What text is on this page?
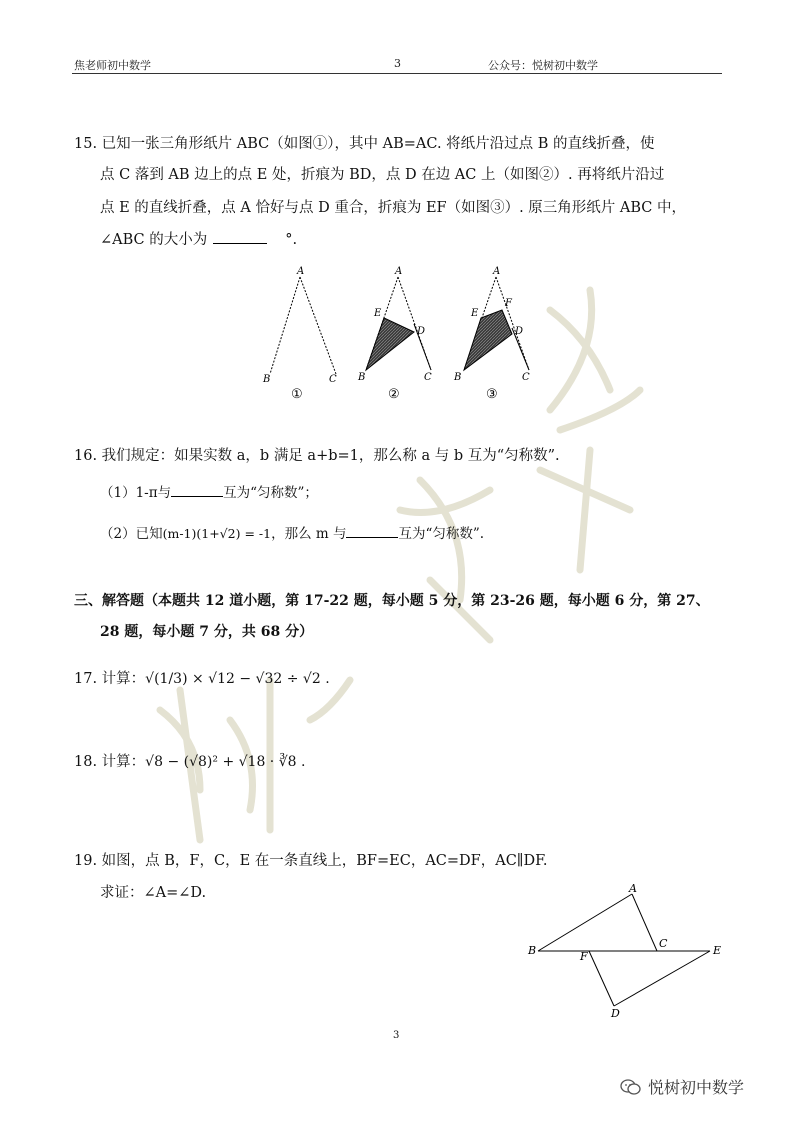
焦老师初中数学	3	公众号：悦树初中数学
15. 已知一张三角形纸片 ABC（如图①），其中 AB=AC. 将纸片沿过点 B 的直线折叠，使
点 C 落到 AB 边上的点 E 处，折痕为 BD，点 D 在边 AC 上（如图②）. 再将纸片沿过
点 E 的直线折叠，点 A 恰好与点 D 重合，折痕为 EF（如图③）. 原三角形纸片 ABC 中，
∠ABC 的大小为	°.
A
B	C
①
A
E
D
B	C
②
A
E
F
D
B	C
③
16. 我们规定：如果实数 a，b 满足 a+b=1，那么称 a 与 b 互为“匀称数”.
（1）1-π与	互为“匀称数”；
（2）已知(m-1)(1+√2) = -1，那么 m 与	互为“匀称数”.
三、解答题（本题共 12 道小题，第 17-22 题，每小题 5 分，第 23-26 题，每小题 6 分，第 27、
28 题，每小题 7 分，共 68 分）
17. 计算：√(1/3) × √12 − √32 ÷ √2 .
18. 计算：√8 − (√8)² + √18 · ∛8 .
19. 如图，点 B，F，C，E 在一条直线上，BF=EC，AC=DF，AC∥DF.
求证：∠A=∠D.	A
B
C
F	E
D
3
悦树初中数学
